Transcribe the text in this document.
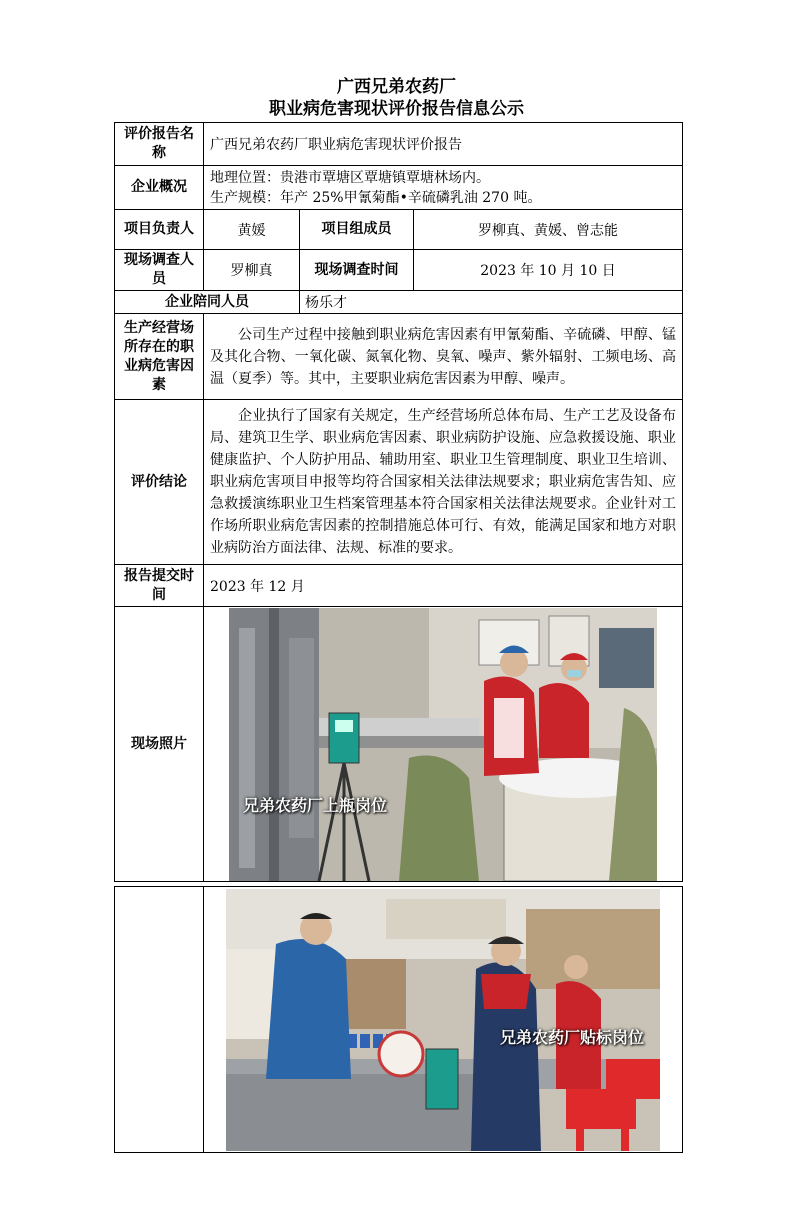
广西兄弟农药厂
职业病危害现状评价报告信息公示
评价报告名称	广西兄弟农药厂职业病危害现状评价报告		
企业概况	地理位置：贵港市覃塘区覃塘镇覃塘林场内。
生产规模：年产 25%甲氰菊酯•辛硫磷乳油 270 吨。		

项目负责人	黄媛	项目组成员	罗柳真、黄媛、曾志能
现场调查人员	罗柳真	现场调查时间	2023 年 10 月 10 日
企业陪同人员		杨乐才	
生产经营场所存在的职业病危害因素	公司生产过程中接触到职业病危害因素有甲氰菊酯、辛硫磷、甲醇、锰及其化合物、一氧化碳、氮氧化物、臭氧、噪声、紫外辐射、工频电场、高温（夏季）等。其中，主要职业病危害因素为甲醇、噪声。		

评价结论	企业执行了国家有关规定，生产经营场所总体布局、生产工艺及设备布局、建筑卫生学、职业病危害因素、职业病防护设施、应急救援设施、职业健康监护、个人防护用品、辅助用室、职业卫生管理制度、职业卫生培训、职业病危害项目申报等均符合国家相关法律法规要求；职业病危害告知、应急救援演练职业卫生档案管理基本符合国家相关法律法规要求。企业针对工作场所职业病危害因素的控制措施总体可行、有效，能满足国家和地方对职业病防治方面法律、法规、标准的要求。		

报告提交时间	2023 年 12 月		
现场照片	兄弟农药厂上瓶岗位		

兄弟农药厂贴标岗位
